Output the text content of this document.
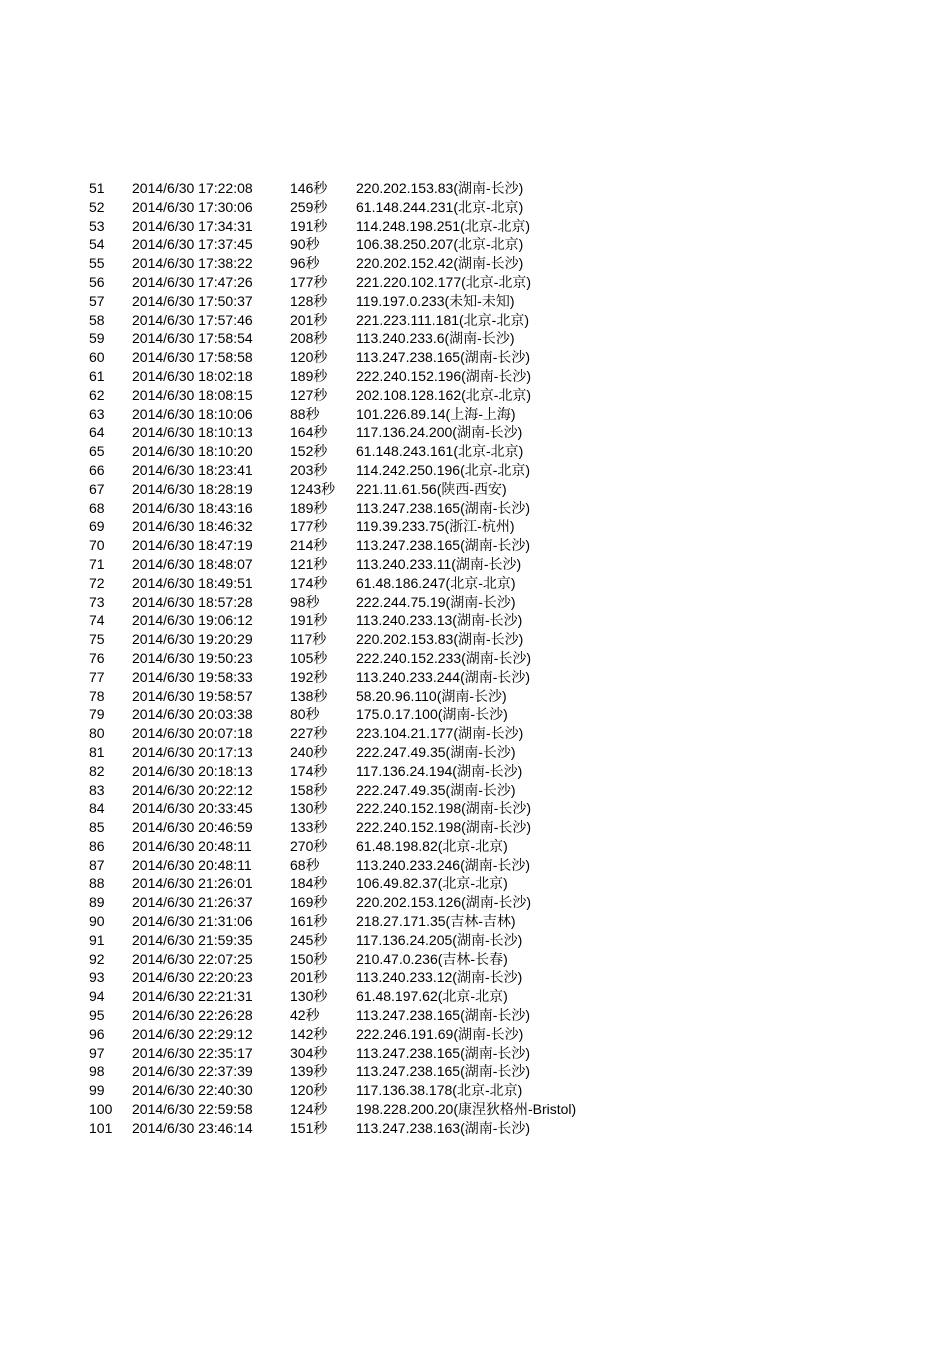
51	2014/6/30 17:22:08	146秒	220.202.153.83(湖南-长沙)
52	2014/6/30 17:30:06	259秒	61.148.244.231(北京-北京)
53	2014/6/30 17:34:31	191秒	114.248.198.251(北京-北京)
54	2014/6/30 17:37:45	90秒	106.38.250.207(北京-北京)
55	2014/6/30 17:38:22	96秒	220.202.152.42(湖南-长沙)
56	2014/6/30 17:47:26	177秒	221.220.102.177(北京-北京)
57	2014/6/30 17:50:37	128秒	119.197.0.233(未知-未知)
58	2014/6/30 17:57:46	201秒	221.223.111.181(北京-北京)
59	2014/6/30 17:58:54	208秒	113.240.233.6(湖南-长沙)
60	2014/6/30 17:58:58	120秒	113.247.238.165(湖南-长沙)
61	2014/6/30 18:02:18	189秒	222.240.152.196(湖南-长沙)
62	2014/6/30 18:08:15	127秒	202.108.128.162(北京-北京)
63	2014/6/30 18:10:06	88秒	101.226.89.14(上海-上海)
64	2014/6/30 18:10:13	164秒	117.136.24.200(湖南-长沙)
65	2014/6/30 18:10:20	152秒	61.148.243.161(北京-北京)
66	2014/6/30 18:23:41	203秒	114.242.250.196(北京-北京)
67	2014/6/30 18:28:19	1243秒	221.11.61.56(陕西-西安)
68	2014/6/30 18:43:16	189秒	113.247.238.165(湖南-长沙)
69	2014/6/30 18:46:32	177秒	119.39.233.75(浙江-杭州)
70	2014/6/30 18:47:19	214秒	113.247.238.165(湖南-长沙)
71	2014/6/30 18:48:07	121秒	113.240.233.11(湖南-长沙)
72	2014/6/30 18:49:51	174秒	61.48.186.247(北京-北京)
73	2014/6/30 18:57:28	98秒	222.244.75.19(湖南-长沙)
74	2014/6/30 19:06:12	191秒	113.240.233.13(湖南-长沙)
75	2014/6/30 19:20:29	117秒	220.202.153.83(湖南-长沙)
76	2014/6/30 19:50:23	105秒	222.240.152.233(湖南-长沙)
77	2014/6/30 19:58:33	192秒	113.240.233.244(湖南-长沙)
78	2014/6/30 19:58:57	138秒	58.20.96.110(湖南-长沙)
79	2014/6/30 20:03:38	80秒	175.0.17.100(湖南-长沙)
80	2014/6/30 20:07:18	227秒	223.104.21.177(湖南-长沙)
81	2014/6/30 20:17:13	240秒	222.247.49.35(湖南-长沙)
82	2014/6/30 20:18:13	174秒	117.136.24.194(湖南-长沙)
83	2014/6/30 20:22:12	158秒	222.247.49.35(湖南-长沙)
84	2014/6/30 20:33:45	130秒	222.240.152.198(湖南-长沙)
85	2014/6/30 20:46:59	133秒	222.240.152.198(湖南-长沙)
86	2014/6/30 20:48:11	270秒	61.48.198.82(北京-北京)
87	2014/6/30 20:48:11	68秒	113.240.233.246(湖南-长沙)
88	2014/6/30 21:26:01	184秒	106.49.82.37(北京-北京)
89	2014/6/30 21:26:37	169秒	220.202.153.126(湖南-长沙)
90	2014/6/30 21:31:06	161秒	218.27.171.35(吉林-吉林)
91	2014/6/30 21:59:35	245秒	117.136.24.205(湖南-长沙)
92	2014/6/30 22:07:25	150秒	210.47.0.236(吉林-长春)
93	2014/6/30 22:20:23	201秒	113.240.233.12(湖南-长沙)
94	2014/6/30 22:21:31	130秒	61.48.197.62(北京-北京)
95	2014/6/30 22:26:28	42秒	113.247.238.165(湖南-长沙)
96	2014/6/30 22:29:12	142秒	222.246.191.69(湖南-长沙)
97	2014/6/30 22:35:17	304秒	113.247.238.165(湖南-长沙)
98	2014/6/30 22:37:39	139秒	113.247.238.165(湖南-长沙)
99	2014/6/30 22:40:30	120秒	117.136.38.178(北京-北京)
100	2014/6/30 22:59:58	124秒	198.228.200.20(康涅狄格州-Bristol)
101	2014/6/30 23:46:14	151秒	113.247.238.163(湖南-长沙)
